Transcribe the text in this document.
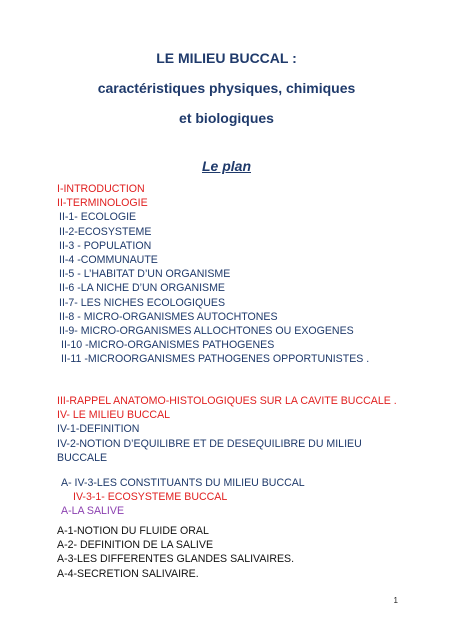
LE MILIEU BUCCAL :
caractéristiques physiques, chimiques
et biologiques
Le plan
I-INTRODUCTION
II-TERMINOLOGIE
II-1- ECOLOGIE
II-2-ECOSYSTEME
II-3 - POPULATION
II-4 -COMMUNAUTE
II-5 - L’HABITAT D’UN ORGANISME
II-6 -LA NICHE D’UN ORGANISME
II-7- LES NICHES ECOLOGIQUES
II-8 - MICRO-ORGANISMES AUTOCHTONES
II-9- MICRO-ORGANISMES ALLOCHTONES OU EXOGENES
II-10 -MICRO-ORGANISMES PATHOGENES
II-11 -MICROORGANISMES PATHOGENES OPPORTUNISTES .
III-RAPPEL ANATOMO-HISTOLOGIQUES SUR LA CAVITE BUCCALE .
IV- LE MILIEU BUCCAL
IV-1-DEFINITION
IV-2-NOTION D’EQUILIBRE ET DE DESEQUILIBRE DU MILIEU
BUCCALE
A- IV-3-LES CONSTITUANTS DU MILIEU BUCCAL
IV-3-1- ECOSYSTEME BUCCAL
A-LA SALIVE
A-1-NOTION DU FLUIDE ORAL
A-2- DEFINITION DE LA SALIVE
A-3-LES DIFFERENTES GLANDES SALIVAIRES.
A-4-SECRETION SALIVAIRE.
1
